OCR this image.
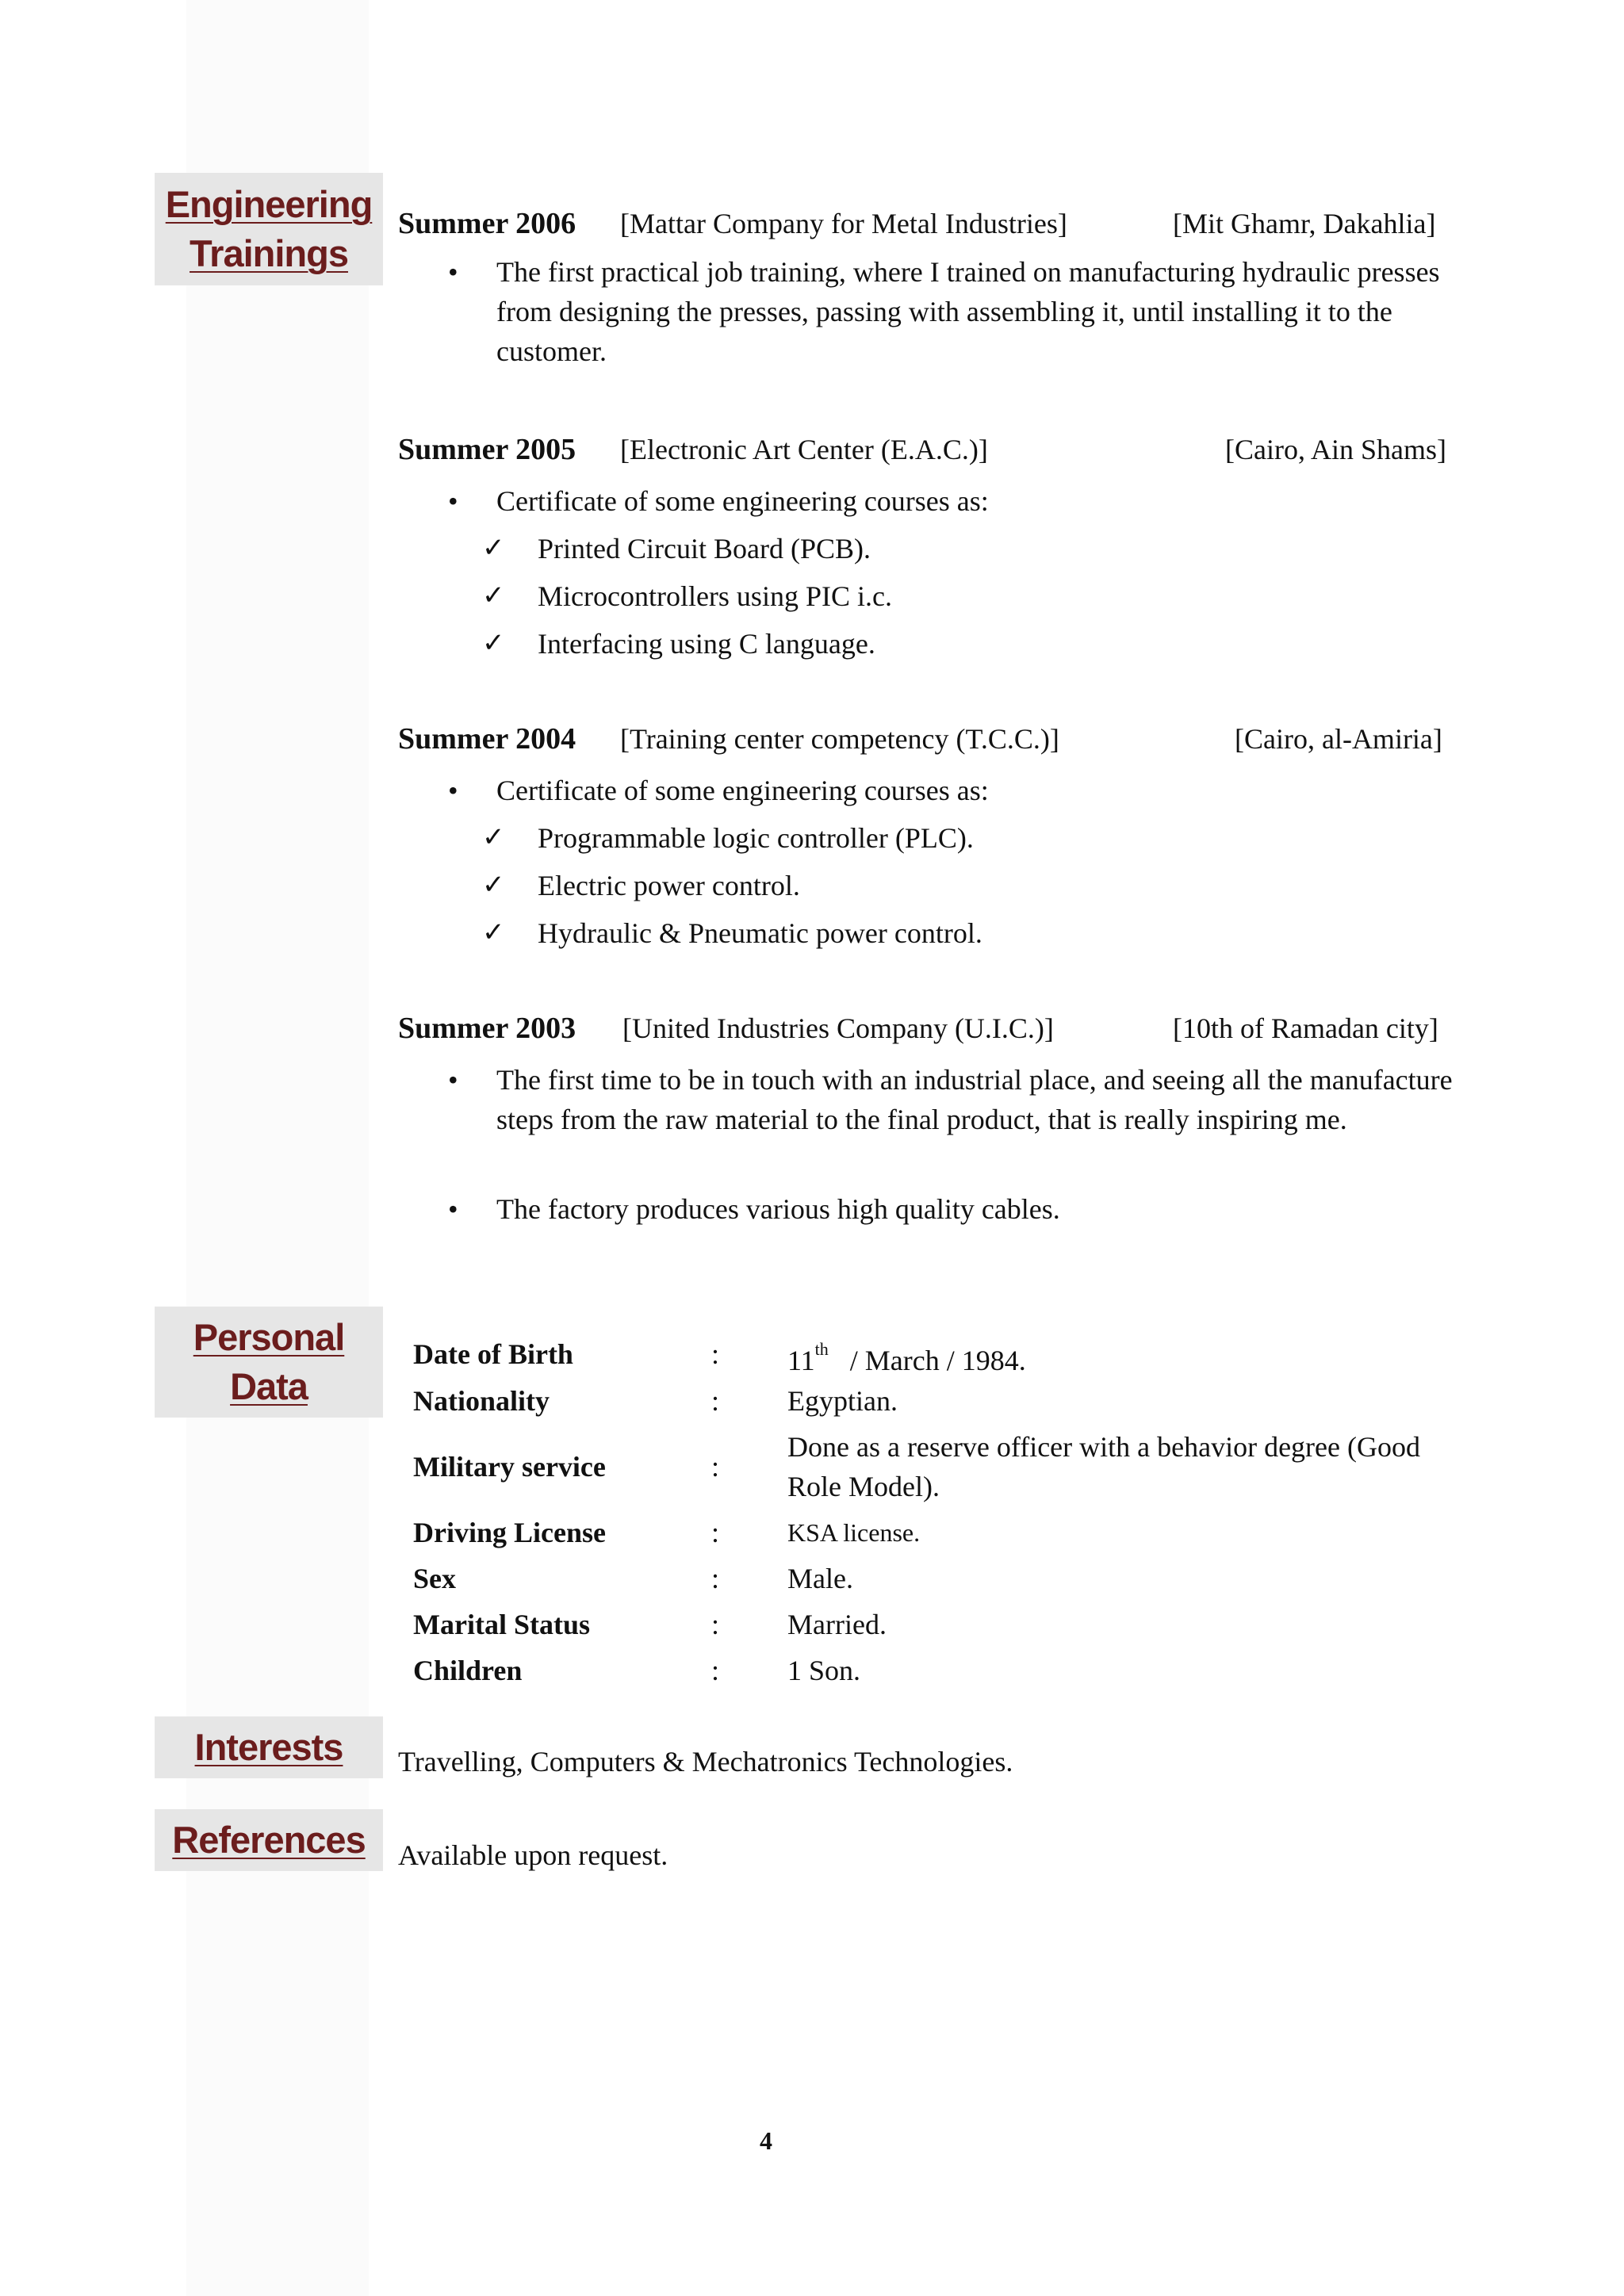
Engineering
Trainings
Summer 2006 [Mattar Company for Metal Industries]	[Mit Ghamr, Dakahlia]
• The first practical job training, where I trained on manufacturing hydraulic presses from designing the presses, passing with assembling it, until installing it to the customer.
Summer 2005 [Electronic Art Center (E.A.C.)]	[Cairo, Ain Shams]
• Certificate of some engineering courses as:
✓ Printed Circuit Board (PCB).
✓ Microcontrollers using PIC i.c.
✓ Interfacing using C language.
Summer 2004 [Training center competency (T.C.C.)]	[Cairo, al-Amiria]
• Certificate of some engineering courses as:
✓ Programmable logic controller (PLC).
✓ Electric power control.
✓ Hydraulic & Pneumatic power control.
Summer 2003 [United Industries Company (U.I.C.)]	[10th of Ramadan city]
• The first time to be in touch with an industrial place, and seeing all the manufacture steps from the raw material to the final product, that is really inspiring me.
• The factory produces various high quality cables.
Personal
Data
Date of Birth	: 11th / March / 1984.
Nationality	: Egyptian.
Military service	:
Done as a reserve officer with a behavior degree (Good Role Model).
Driving License	:	KSA license.
Sex	: Male.
Marital Status	: Married.
Children	: 1 Son.
Interests Travelling, Computers & Mechatronics Technologies.
References Available upon request.
4
